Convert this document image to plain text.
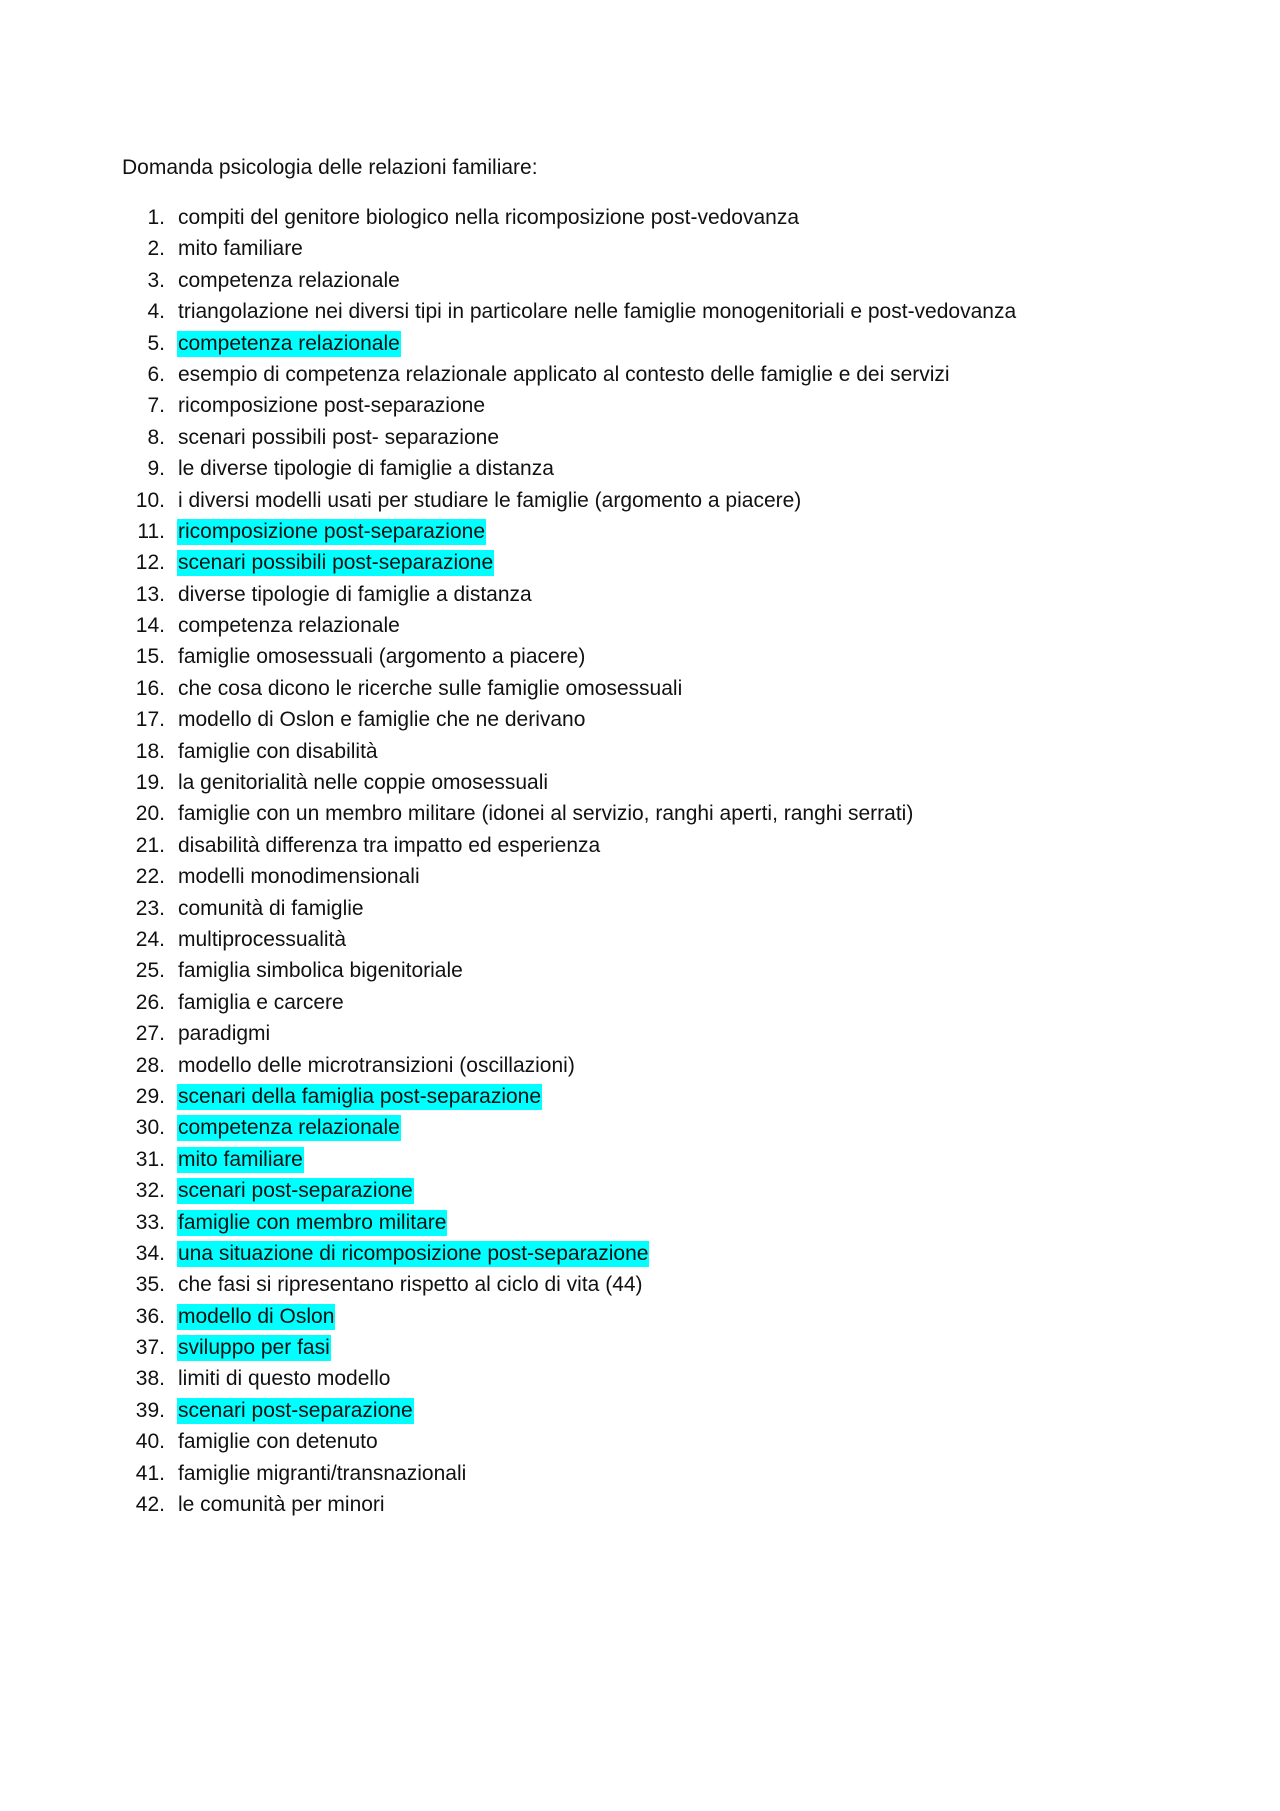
Domanda psicologia delle relazioni familiare:
1. compiti del genitore biologico nella ricomposizione post-vedovanza
2. mito familiare
3. competenza relazionale
4. triangolazione nei diversi tipi in particolare nelle famiglie monogenitoriali e post-vedovanza
5. competenza relazionale
6. esempio di competenza relazionale applicato al contesto delle famiglie e dei servizi
7. ricomposizione post-separazione
8. scenari possibili post- separazione
9. le diverse tipologie di famiglie a distanza
10. i diversi modelli usati per studiare le famiglie (argomento a piacere)
11. ricomposizione post-separazione
12. scenari possibili post-separazione
13. diverse tipologie di famiglie a distanza
14. competenza relazionale
15. famiglie omosessuali (argomento a piacere)
16. che cosa dicono le ricerche sulle famiglie omosessuali
17. modello di Oslon e famiglie che ne derivano
18. famiglie con disabilità
19. la genitorialità nelle coppie omosessuali
20. famiglie con un membro militare (idonei al servizio, ranghi aperti, ranghi serrati)
21. disabilità differenza tra impatto ed esperienza
22. modelli monodimensionali
23. comunità di famiglie
24. multiprocessualità
25. famiglia simbolica bigenitoriale
26. famiglia e carcere
27. paradigmi
28. modello delle microtransizioni (oscillazioni)
29. scenari della famiglia post-separazione
30. competenza relazionale
31. mito familiare
32. scenari post-separazione
33. famiglie con membro militare
34. una situazione di ricomposizione post-separazione
35. che fasi si ripresentano rispetto al ciclo di vita (44)
36. modello di Oslon
37. sviluppo per fasi
38. limiti di questo modello
39. scenari post-separazione
40. famiglie con detenuto
41. famiglie migranti/transnazionali
42. le comunità per minori
